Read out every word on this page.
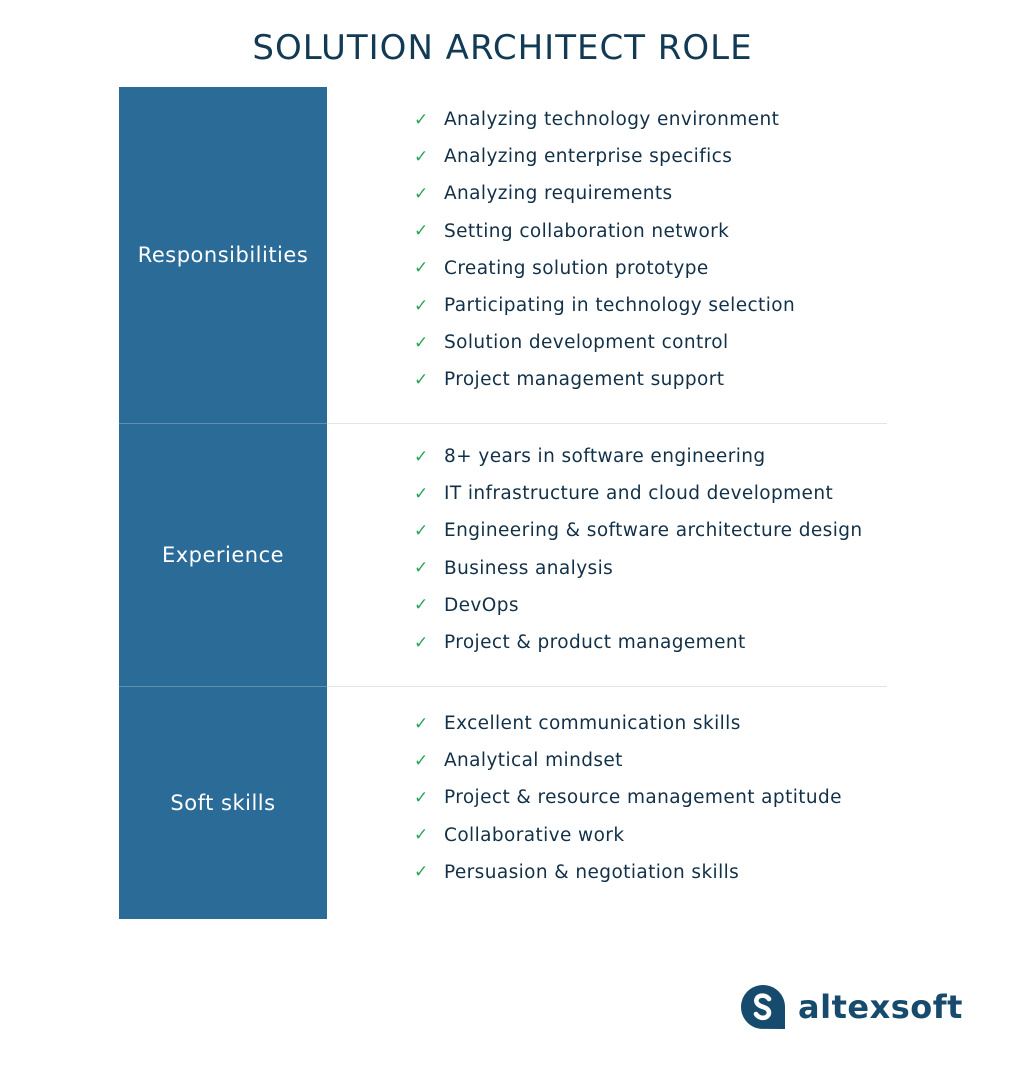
SOLUTION ARCHITECT ROLE
Responsibilities
✓ Analyzing technology environment
✓ Analyzing enterprise specifics
✓ Analyzing requirements
✓ Setting collaboration network
✓ Creating solution prototype
✓ Participating in technology selection
✓ Solution development control
✓ Project management support
Experience
✓ 8+ years in software engineering
✓ IT infrastructure and cloud development
✓ Engineering & software architecture design
✓ Business analysis
✓ DevOps
✓ Project & product management
Soft skills
✓ Excellent communication skills
✓ Analytical mindset
✓ Project & resource management aptitude
✓ Collaborative work
✓ Persuasion & negotiation skills
altexsoft
